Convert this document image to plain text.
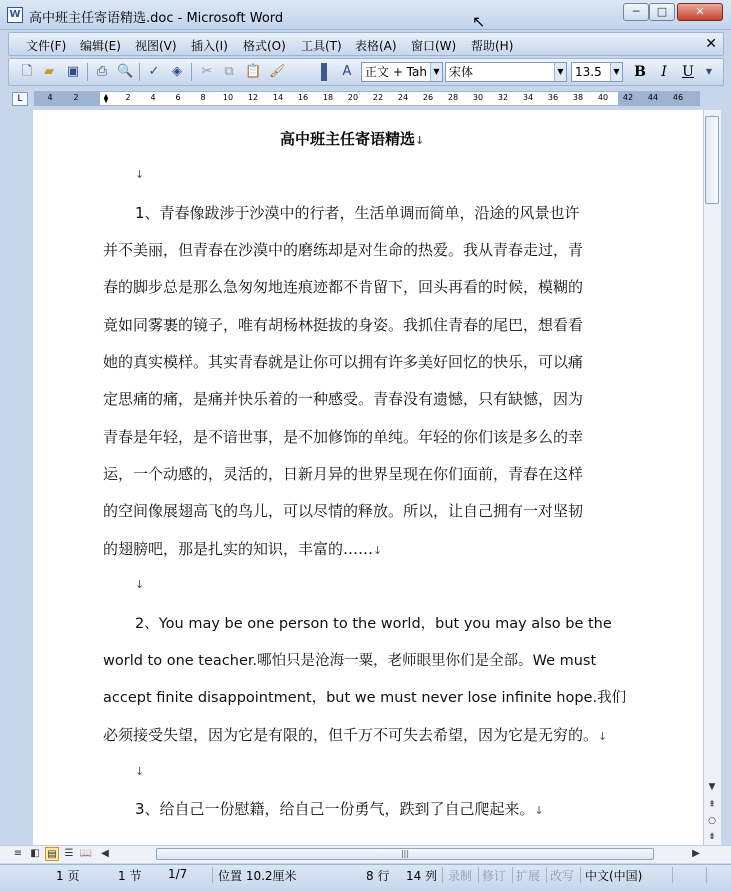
W 高中班主任寄语精选.doc - Microsoft Word	↖
─	□	✕
文件(F) 编辑(E) 视图(V) 插入(I) 格式(O) 工具(T) 表格(A) 窗口(W) 帮助(H)	✕
🗋 ▰ ▣ ⎙ 🔍 ✓ ◈ ✂ ⧉ 📋 🖌	A	正文 + Tah ▼ 宋体	▼ 13.5	▼ B	I	U	▼
L	4	2	⧫	2	4	6	8	10	12	14	16	18	20	22	24	26	28	30	32	34	36	38	40	42	44	46
高中班主任寄语精选↓
↓
1、青春像跋涉于沙漠中的行者，生活单调而简单，沿途的风景也许
并不美丽，但青春在沙漠中的磨练却是对生命的热爱。我从青春走过，青
春的脚步总是那么急匆匆地连痕迹都不肯留下，回头再看的时候，模糊的
竟如同雾裹的镜子，唯有胡杨林挺拔的身姿。我抓住青春的尾巴，想看看
她的真实模样。其实青春就是让你可以拥有许多美好回忆的快乐，可以痛
定思痛的痛，是痛并快乐着的一种感受。青春没有遗憾，只有缺憾，因为
青春是年轻，是不谙世事，是不加修饰的单纯。年轻的你们该是多么的幸
运，一个动感的，灵活的，日新月异的世界呈现在你们面前，青春在这样
的空间像展翅高飞的鸟儿，可以尽情的释放。所以，让自己拥有一对坚韧
的翅膀吧，那是扎实的知识，丰富的……↓
↓
2、You may be one person to the world，but you may also be the
world to one teacher.哪怕只是沧海一粟，老师眼里你们是全部。We must
accept finite disappointment，but we must never lose infinite hope.我们
必须接受失望，因为它是有限的，但千万不可失去希望，因为它是无穷的。↓
↓
3、给自己一份慰籍，给自己一份勇气，跌到了自己爬起来。↓
▼
⇞
○
⇟
≡ ◧ ▤ ☰ 📖 ◀	|||	▶
1 页	1 节 1/7	位置 10.2厘米	8 行 14 列 录制 修订 扩展 改写 中文(中国)
